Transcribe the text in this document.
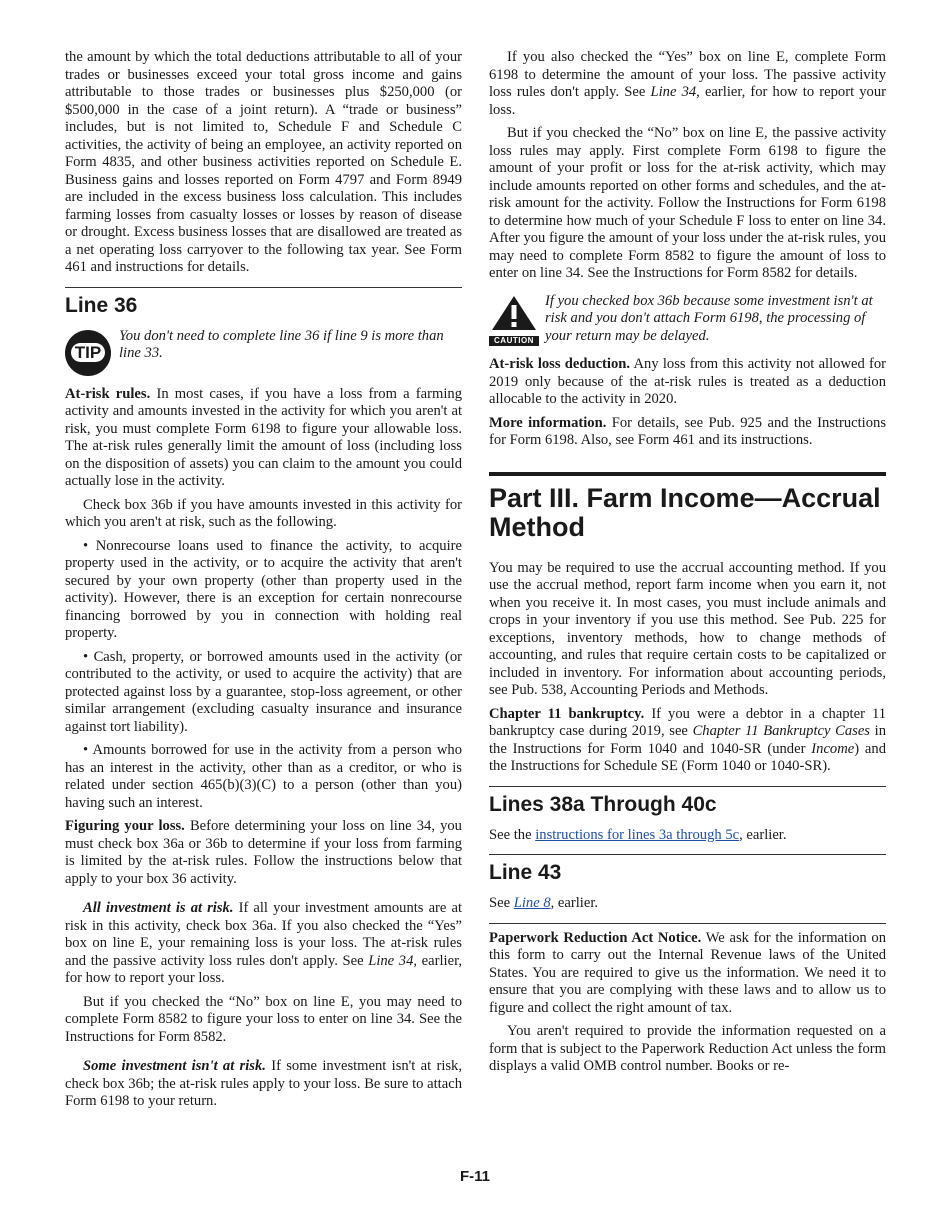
the amount by which the total deductions attributable to all of your trades or businesses exceed your total gross income and gains attributable to those trades or businesses plus $250,000 (or $500,000 in the case of a joint return). A “trade or business” includes, but is not limited to, Schedule F and Schedule C activities, the activity of being an employee, an activity reported on Form 4835, and other business activities reported on Schedule E. Business gains and losses reported on Form 4797 and Form 8949 are included in the excess business loss calculation. This includes farming losses from casualty losses or losses by reason of disease or drought. Excess business losses that are disallowed are treated as a net operating loss carryover to the following tax year. See Form 461 and instructions for details.

Line 36
TIP
You don't need to complete line 36 if line 9 is more than line 33.

At-risk rules. In most cases, if you have a loss from a farming activity and amounts invested in the activity for which you aren't at risk, you must complete Form 6198 to figure your allowable loss. The at-risk rules generally limit the amount of loss (including loss on the disposition of assets) you can claim to the amount you could actually lose in the activity.

Check box 36b if you have amounts invested in this activity for which you aren't at risk, such as the following.

• Nonrecourse loans used to finance the activity, to acquire property used in the activity, or to acquire the activity that aren't secured by your own property (other than property used in the activity). However, there is an exception for certain nonrecourse financing borrowed by you in connection with holding real property.

• Cash, property, or borrowed amounts used in the activity (or contributed to the activity, or used to acquire the activity) that are protected against loss by a guarantee, stop-loss agreement, or other similar arrangement (excluding casualty insurance and insurance against tort liability).

• Amounts borrowed for use in the activity from a person who has an interest in the activity, other than as a creditor, or who is related under section 465(b)(3)(C) to a person (other than you) having such an interest.

Figuring your loss. Before determining your loss on line 34, you must check box 36a or 36b to determine if your loss from farming is limited by the at-risk rules. Follow the instructions below that apply to your box 36 activity.

All investment is at risk. If all your investment amounts are at risk in this activity, check box 36a. If you also checked the “Yes” box on line E, your remaining loss is your loss. The at-risk rules and the passive activity loss rules don't apply. See Line 34, earlier, for how to report your loss.

But if you checked the “No” box on line E, you may need to complete Form 8582 to figure your loss to enter on line 34. See the Instructions for Form 8582.

Some investment isn't at risk. If some investment isn't at risk, check box 36b; the at-risk rules apply to your loss. Be sure to attach Form 6198 to your return.

If you also checked the “Yes” box on line E, complete Form 6198 to determine the amount of your loss. The passive activity loss rules don't apply. See Line 34, earlier, for how to report your loss.

But if you checked the “No” box on line E, the passive activity loss rules may apply. First complete Form 6198 to figure the amount of your profit or loss for the at-risk activity, which may include amounts reported on other forms and schedules, and the at-risk amount for the activity. Follow the Instructions for Form 6198 to determine how much of your Schedule F loss to enter on line 34. After you figure the amount of your loss under the at-risk rules, you may need to complete Form 8582 to figure the amount of loss to enter on line 34. See the Instructions for Form 8582 for details.

CAUTION
If you checked box 36b because some investment isn't at risk and you don't attach Form 6198, the processing of your return may be delayed.

At-risk loss deduction. Any loss from this activity not allowed for 2019 only because of the at-risk rules is treated as a deduction allocable to the activity in 2020.

More information. For details, see Pub. 925 and the Instructions for Form 6198. Also, see Form 461 and its instructions.

Part III. Farm Income—Accrual Method

You may be required to use the accrual accounting method. If you use the accrual method, report farm income when you earn it, not when you receive it. In most cases, you must include animals and crops in your inventory if you use this method. See Pub. 225 for exceptions, inventory methods, how to change methods of accounting, and rules that require certain costs to be capitalized or included in inventory. For information about accounting periods, see Pub. 538, Accounting Periods and Methods.

Chapter 11 bankruptcy. If you were a debtor in a chapter 11 bankruptcy case during 2019, see Chapter 11 Bankruptcy Cases in the Instructions for Form 1040 and 1040-SR (under Income) and the Instructions for Schedule SE (Form 1040 or 1040-SR).

Lines 38a Through 40c

See the instructions for lines 3a through 5c, earlier.

Line 43

See Line 8, earlier.

Paperwork Reduction Act Notice. We ask for the information on this form to carry out the Internal Revenue laws of the United States. You are required to give us the information. We need it to ensure that you are complying with these laws and to allow us to figure and collect the right amount of tax.

You aren't required to provide the information requested on a form that is subject to the Paperwork Reduction Act unless the form displays a valid OMB control number. Books or re-

F-11
